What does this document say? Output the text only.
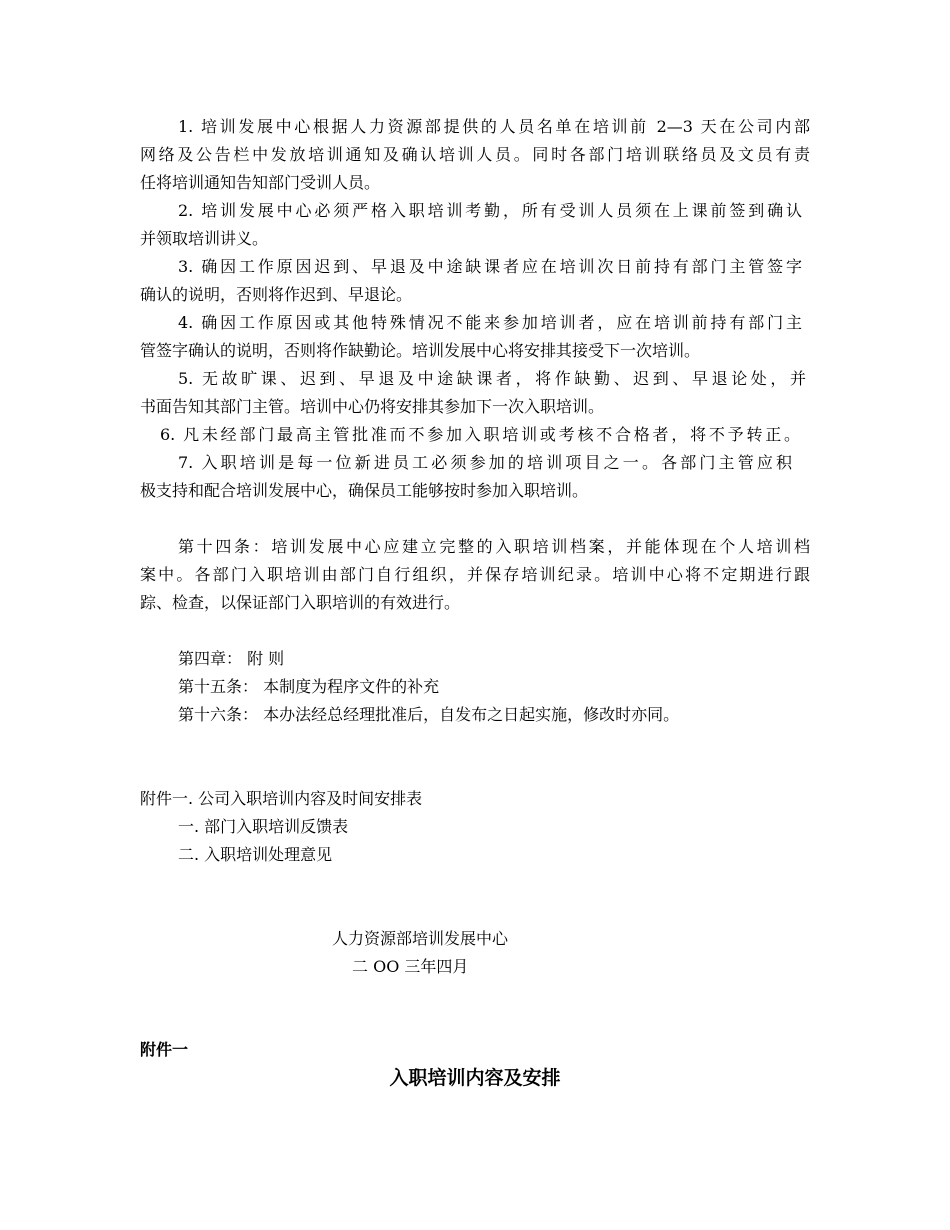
1. 培训发展中心根据人力资源部提供的人员名单在培训前 2—3 天在公司内部
网络及公告栏中发放培训通知及确认培训人员。同时各部门培训联络员及文员有责
任将培训通知告知部门受训人员。
2. 培训发展中心必须严格入职培训考勤，所有受训人员须在上课前签到确认
并领取培训讲义。
3. 确因工作原因迟到、早退及中途缺课者应在培训次日前持有部门主管签字
确认的说明，否则将作迟到、早退论。
4. 确因工作原因或其他特殊情况不能来参加培训者，应在培训前持有部门主
管签字确认的说明，否则将作缺勤论。培训发展中心将安排其接受下一次培训。
5. 无故旷课、迟到、早退及中途缺课者，将作缺勤、迟到、早退论处，并
书面告知其部门主管。培训中心仍将安排其参加下一次入职培训。
6. 凡未经部门最高主管批准而不参加入职培训或考核不合格者，将不予转正。
7. 入职培训是每一位新进员工必须参加的培训项目之一。各部门主管应积
极支持和配合培训发展中心，确保员工能够按时参加入职培训。
第十四条：培训发展中心应建立完整的入职培训档案，并能体现在个人培训档
案中。各部门入职培训由部门自行组织，并保存培训纪录。培训中心将不定期进行跟
踪、检查，以保证部门入职培训的有效进行。
第四章： 附 则
第十五条： 本制度为程序文件的补充
第十六条： 本办法经总经理批准后，自发布之日起实施，修改时亦同。
附件一. 公司入职培训内容及时间安排表
一. 部门入职培训反馈表
二. 入职培训处理意见
人力资源部培训发展中心
二 OO 三年四月
附件一
入职培训内容及安排
